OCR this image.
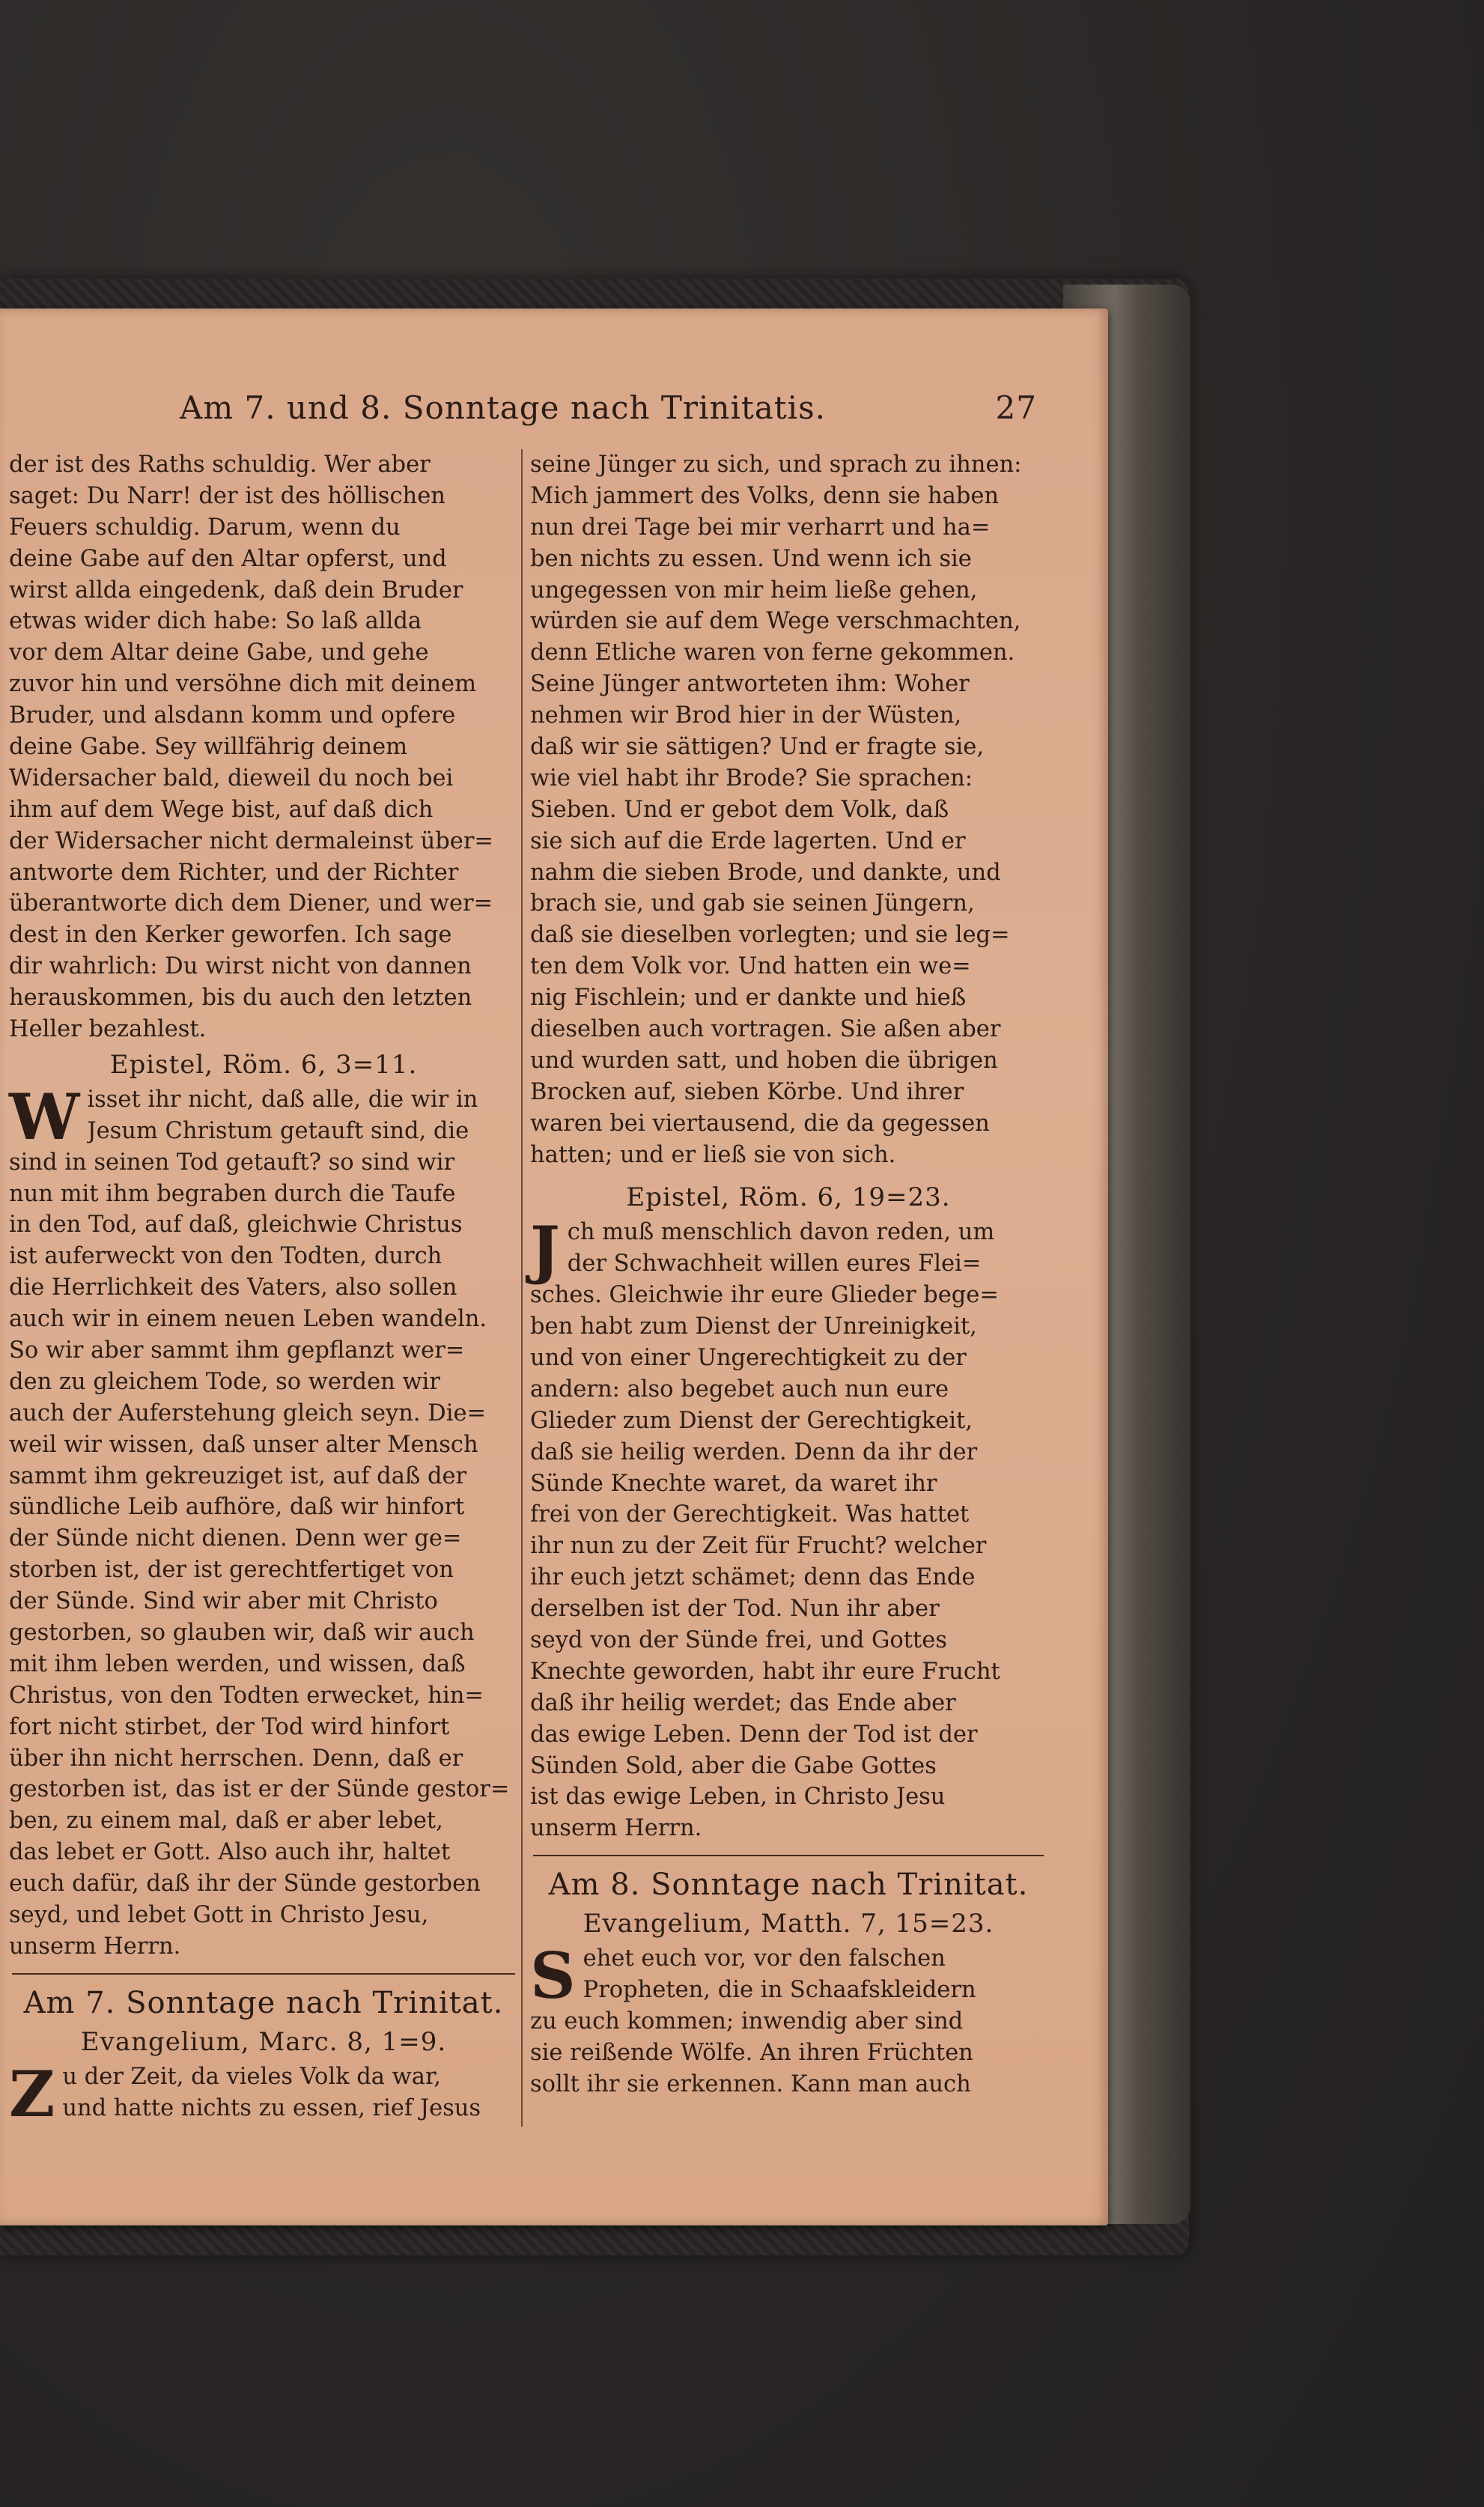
Am 7. und 8. Sonntage nach Trinitatis.	27
der ist des Raths schuldig. Wer aber
saget: Du Narr! der ist des höllischen
Feuers schuldig. Darum, wenn du
deine Gabe auf den Altar opferst, und
wirst allda eingedenk, daß dein Bruder
etwas wider dich habe: So laß allda
vor dem Altar deine Gabe, und gehe
zuvor hin und versöhne dich mit deinem
Bruder, und alsdann komm und opfere
deine Gabe. Sey willfährig deinem
Widersacher bald, dieweil du noch bei
ihm auf dem Wege bist, auf daß dich
der Widersacher nicht dermaleinst über=
antworte dem Richter, und der Richter
überantworte dich dem Diener, und wer=
dest in den Kerker geworfen. Ich sage
dir wahrlich: Du wirst nicht von dannen
herauskommen, bis du auch den letzten
Heller bezahlest.
Epistel, Röm. 6, 3=11.
W isset ihr nicht, daß alle, die wir in
Jesum Christum getauft sind, die
sind in seinen Tod getauft? so sind wir
nun mit ihm begraben durch die Taufe
in den Tod, auf daß, gleichwie Christus
ist auferweckt von den Todten, durch
die Herrlichkeit des Vaters, also sollen
auch wir in einem neuen Leben wandeln.
So wir aber sammt ihm gepflanzt wer=
den zu gleichem Tode, so werden wir
auch der Auferstehung gleich seyn. Die=
weil wir wissen, daß unser alter Mensch
sammt ihm gekreuziget ist, auf daß der
sündliche Leib aufhöre, daß wir hinfort
der Sünde nicht dienen. Denn wer ge=
storben ist, der ist gerechtfertiget von
der Sünde. Sind wir aber mit Christo
gestorben, so glauben wir, daß wir auch
mit ihm leben werden, und wissen, daß
Christus, von den Todten erwecket, hin=
fort nicht stirbet, der Tod wird hinfort
über ihn nicht herrschen. Denn, daß er
gestorben ist, das ist er der Sünde gestor=
ben, zu einem mal, daß er aber lebet,
das lebet er Gott. Also auch ihr, haltet
euch dafür, daß ihr der Sünde gestorben
seyd, und lebet Gott in Christo Jesu,
unserm Herrn.
Am 7. Sonntage nach Trinitat.
Evangelium, Marc. 8, 1=9.
Z u der Zeit, da vieles Volk da war,
und hatte nichts zu essen, rief Jesus
seine Jünger zu sich, und sprach zu ihnen:
Mich jammert des Volks, denn sie haben
nun drei Tage bei mir verharrt und ha=
ben nichts zu essen. Und wenn ich sie
ungegessen von mir heim ließe gehen,
würden sie auf dem Wege verschmachten,
denn Etliche waren von ferne gekommen.
Seine Jünger antworteten ihm: Woher
nehmen wir Brod hier in der Wüsten,
daß wir sie sättigen? Und er fragte sie,
wie viel habt ihr Brode? Sie sprachen:
Sieben. Und er gebot dem Volk, daß
sie sich auf die Erde lagerten. Und er
nahm die sieben Brode, und dankte, und
brach sie, und gab sie seinen Jüngern,
daß sie dieselben vorlegten; und sie leg=
ten dem Volk vor. Und hatten ein we=
nig Fischlein; und er dankte und hieß
dieselben auch vortragen. Sie aßen aber
und wurden satt, und hoben die übrigen
Brocken auf, sieben Körbe. Und ihrer
waren bei viertausend, die da gegessen
hatten; und er ließ sie von sich.
Epistel, Röm. 6, 19=23.
J ch muß menschlich davon reden, um
der Schwachheit willen eures Flei=
sches. Gleichwie ihr eure Glieder bege=
ben habt zum Dienst der Unreinigkeit,
und von einer Ungerechtigkeit zu der
andern: also begebet auch nun eure
Glieder zum Dienst der Gerechtigkeit,
daß sie heilig werden. Denn da ihr der
Sünde Knechte waret, da waret ihr
frei von der Gerechtigkeit. Was hattet
ihr nun zu der Zeit für Frucht? welcher
ihr euch jetzt schämet; denn das Ende
derselben ist der Tod. Nun ihr aber
seyd von der Sünde frei, und Gottes
Knechte geworden, habt ihr eure Frucht
daß ihr heilig werdet; das Ende aber
das ewige Leben. Denn der Tod ist der
Sünden Sold, aber die Gabe Gottes
ist das ewige Leben, in Christo Jesu
unserm Herrn.
Am 8. Sonntage nach Trinitat.
Evangelium, Matth. 7, 15=23.
S ehet euch vor, vor den falschen
Propheten, die in Schaafskleidern
zu euch kommen; inwendig aber sind
sie reißende Wölfe. An ihren Früchten
sollt ihr sie erkennen. Kann man auch
